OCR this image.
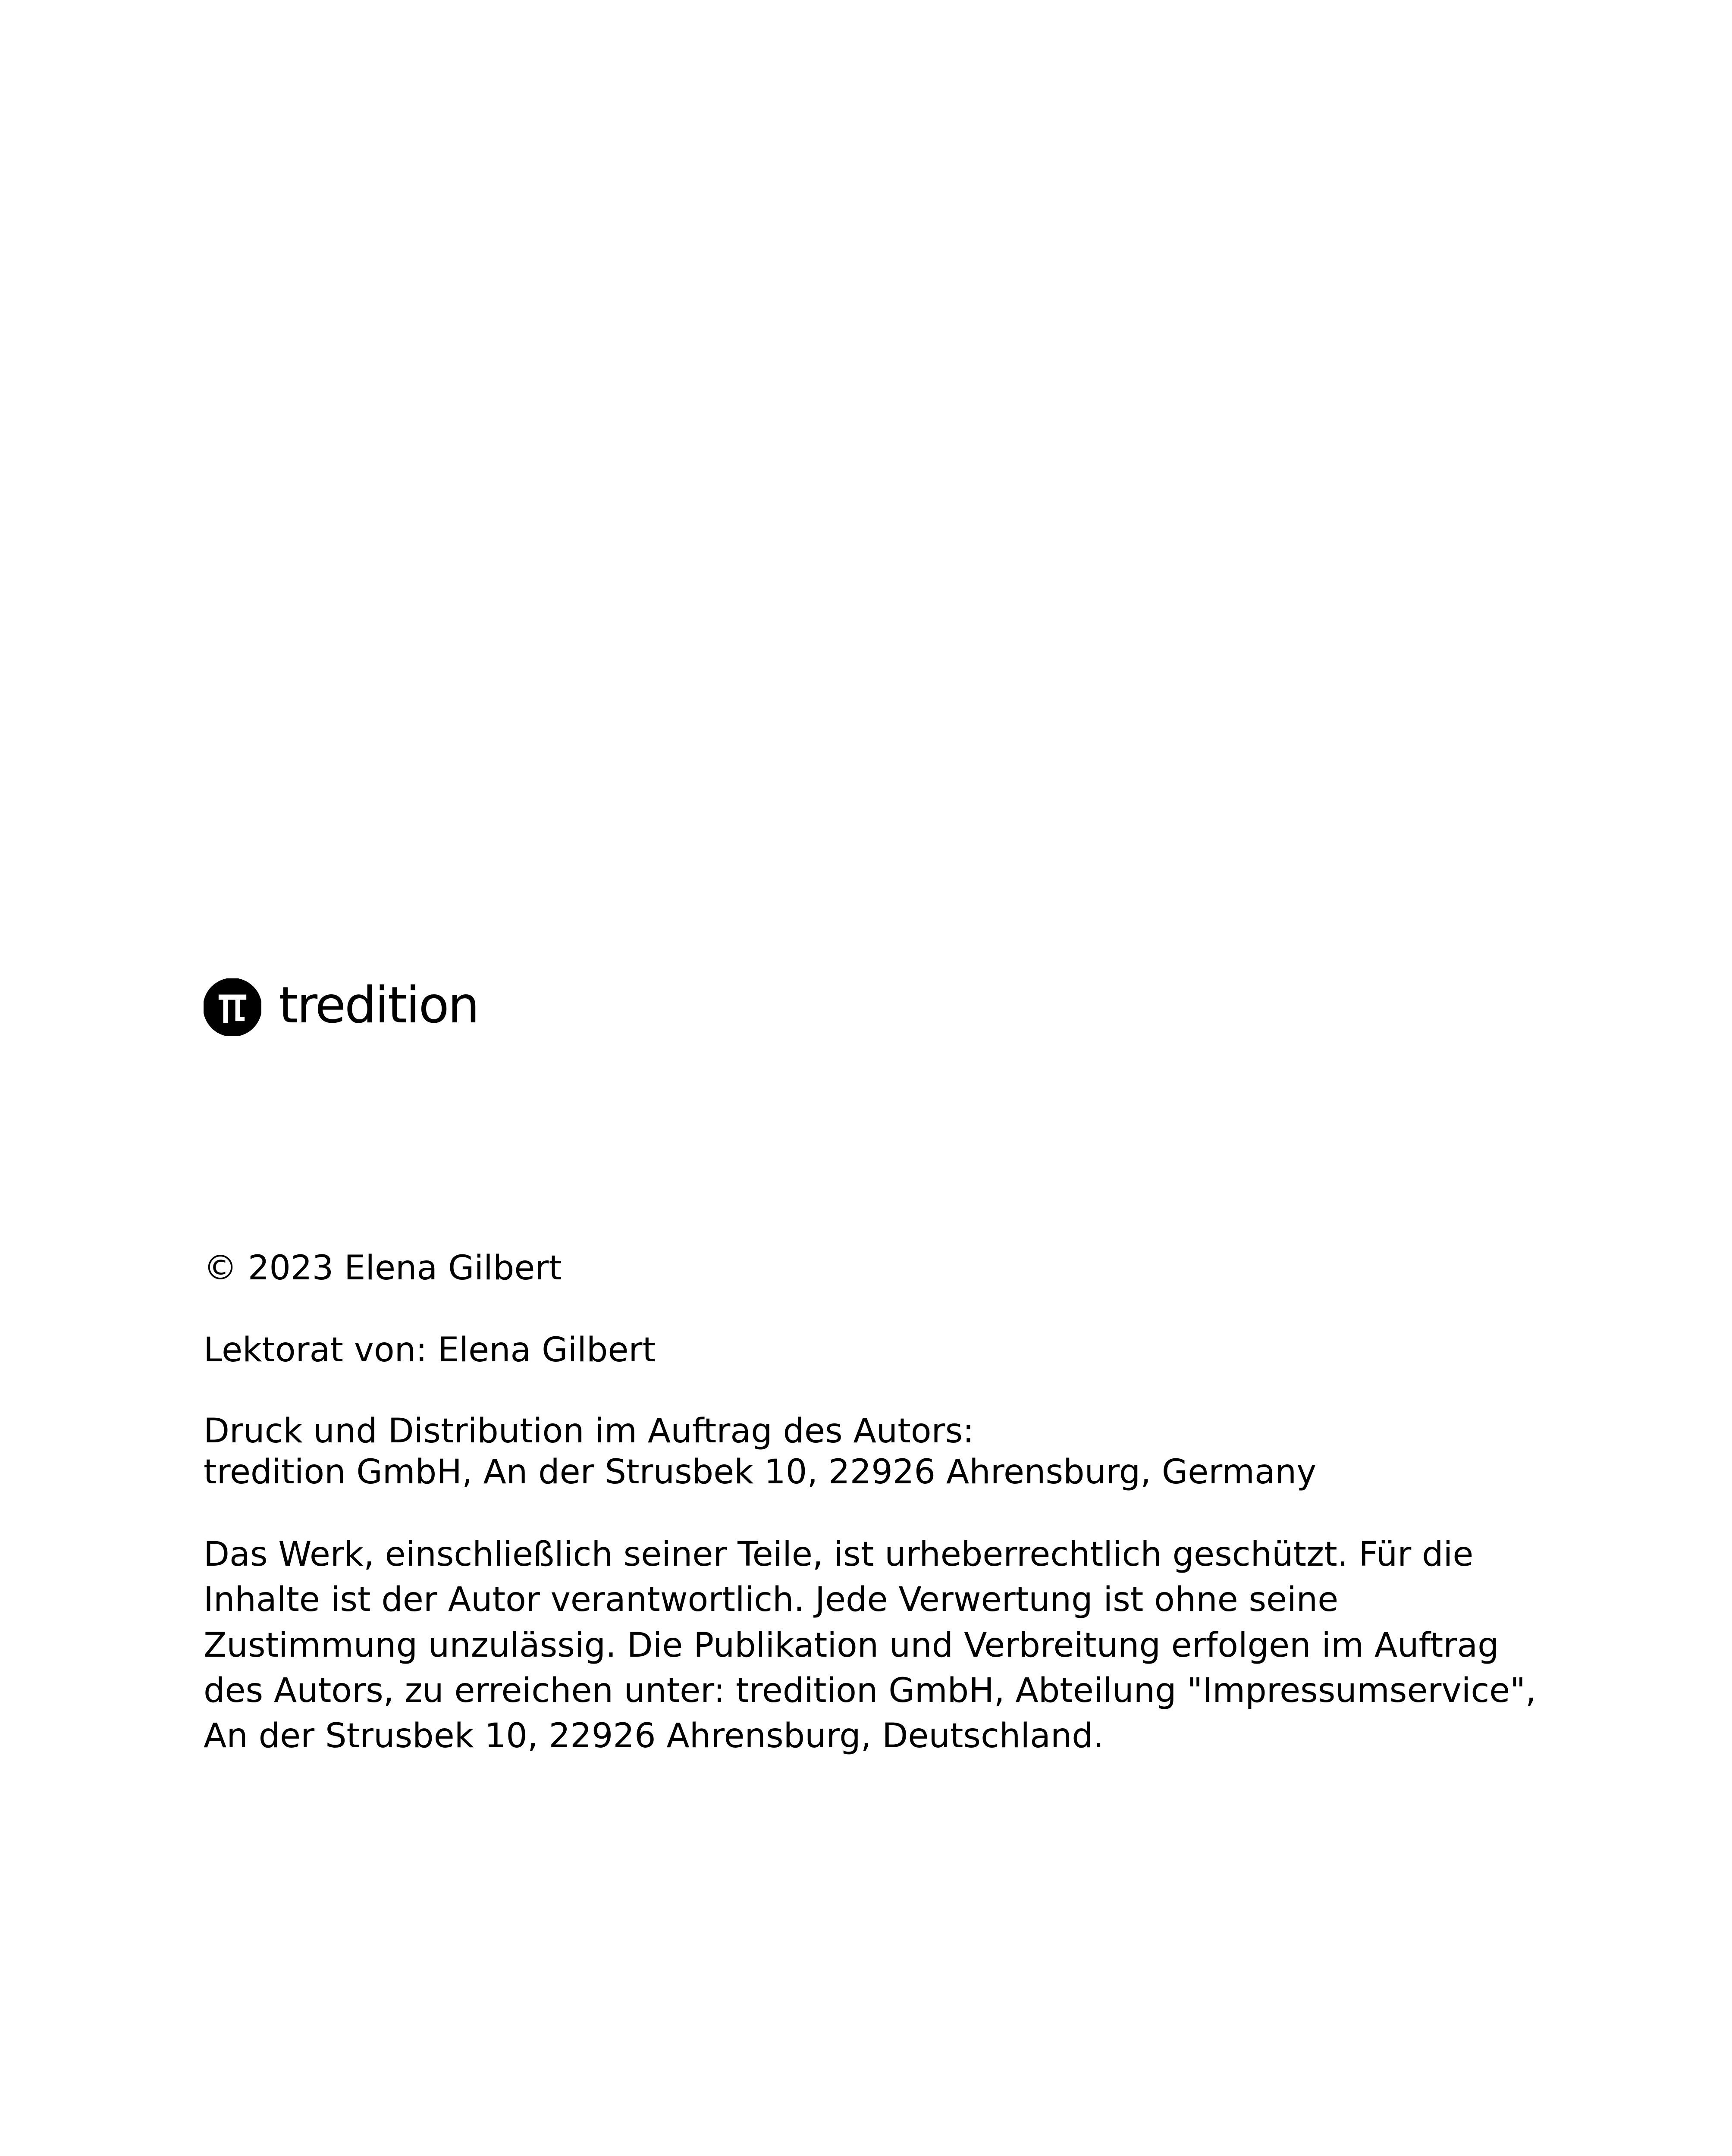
tredition
© 2023 Elena Gilbert
Lektorat von: Elena Gilbert
Druck und Distribution im Auftrag des Autors:
tredition GmbH, An der Strusbek 10, 22926 Ahrensburg, Germany
Das Werk, einschließlich seiner Teile, ist urheberrechtlich geschützt. Für die Inhalte ist der Autor verantwortlich. Jede Verwertung ist ohne seine Zustimmung unzulässig. Die Publikation und Verbreitung erfolgen im Auftrag des Autors, zu erreichen unter: tredition GmbH, Abteilung "Impressumservice", An der Strusbek 10, 22926 Ahrensburg, Deutschland.
